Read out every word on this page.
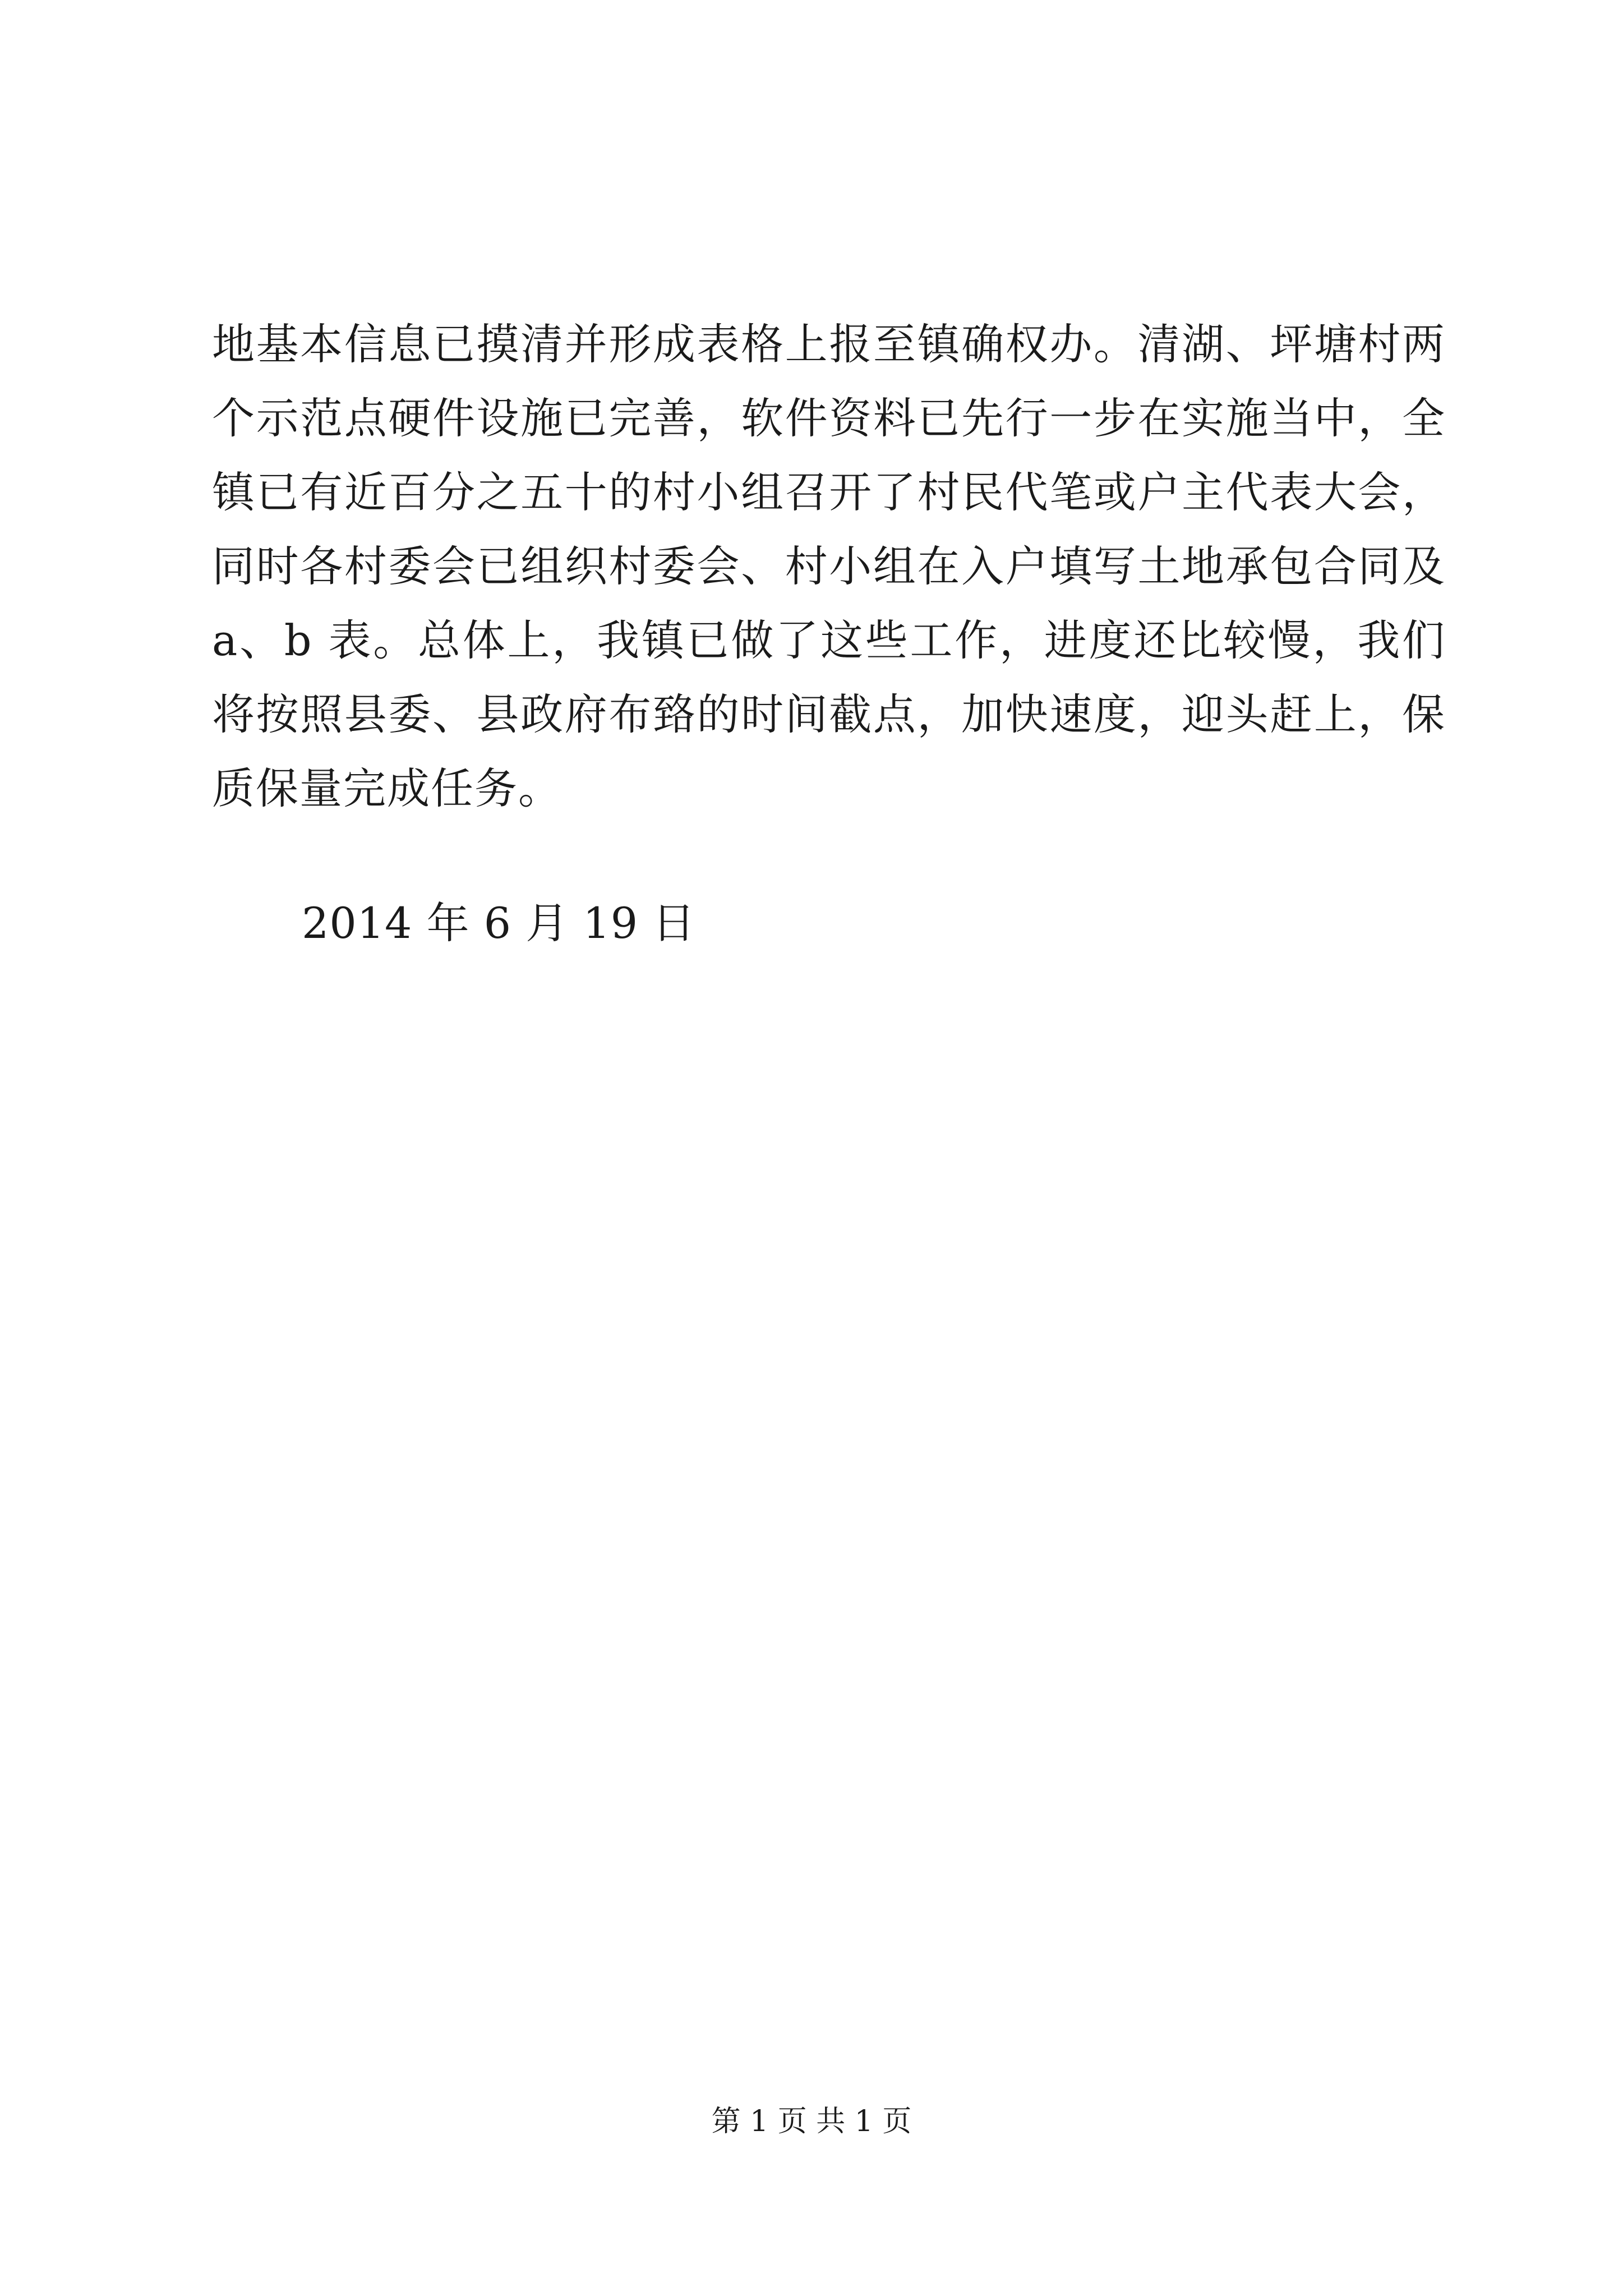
地基本信息已摸清并形成表格上报至镇确权办。清湖、坪塘村两
个示范点硬件设施已完善，软件资料已先行一步在实施当中，全
镇已有近百分之五十的村小组召开了村民代笔或户主代表大会，
同时各村委会已组织村委会、村小组在入户填写土地承包合同及
a、b 表。总体上，我镇已做了这些工作，进度还比较慢，我们
将按照县委、县政府布臵的时间截点，加快速度，迎头赶上，保
质保量完成任务。
2014 年 6 月 19 日
第 1 页 共 1 页
